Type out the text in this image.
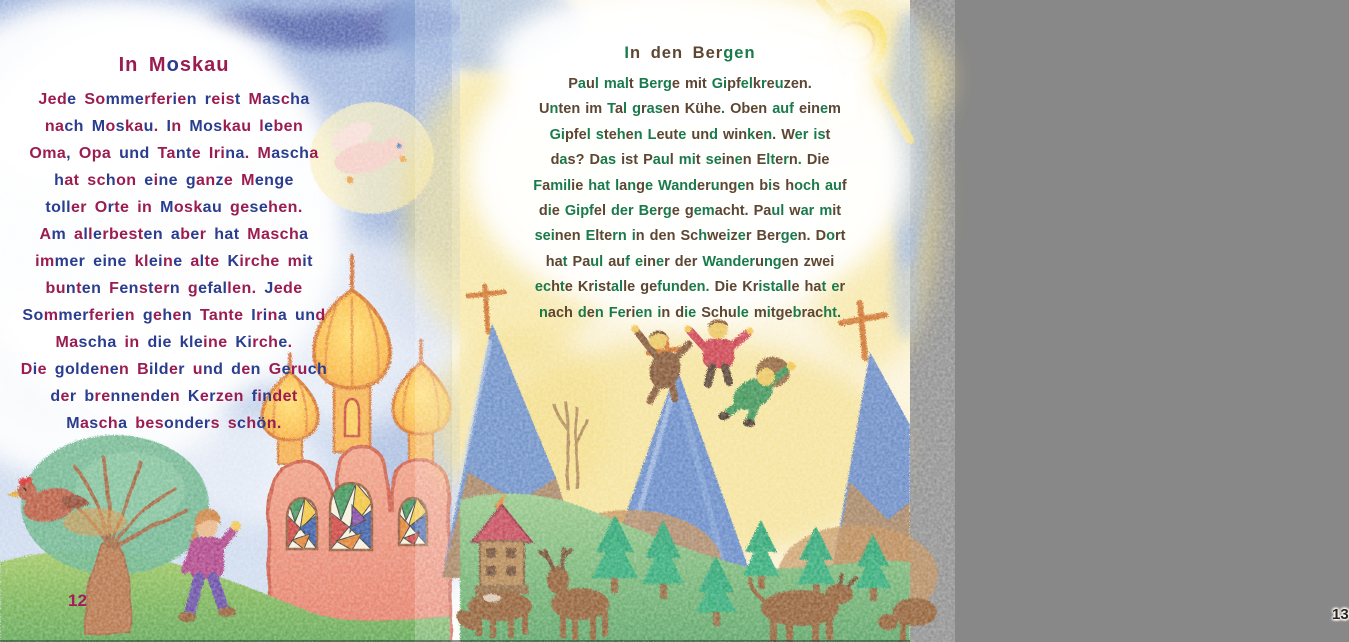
In Moskau
Jede Sommerferien reist Mascha
nach Moskau. In Moskau leben
Oma, Opa und Tante Irina. Mascha
hat schon eine ganze Menge
toller Orte in Moskau gesehen.
Am allerbesten aber hat Mascha
immer eine kleine alte Kirche mit
bunten Fenstern gefallen. Jede
Sommerferien gehen Tante Irina und
Mascha in die kleine Kirche.
Die goldenen Bilder und den Geruch
der brennenden Kerzen findet
Mascha besonders schön.
12
In den Bergen
Paul malt Berge mit Gipfelkreuzen.
Unten im Tal grasen Kühe. Oben auf einem
Gipfel stehen Leute und winken. Wer ist
das? Das ist Paul mit seinen Eltern. Die
Familie hat lange Wanderungen bis hoch auf
die Gipfel der Berge gemacht. Paul war mit
seinen Eltern in den Schweizer Bergen. Dort
hat Paul auf einer der Wanderungen zwei
echte Kristalle gefunden. Die Kristalle hat er
nach den Ferien in die Schule mitgebracht.
13
